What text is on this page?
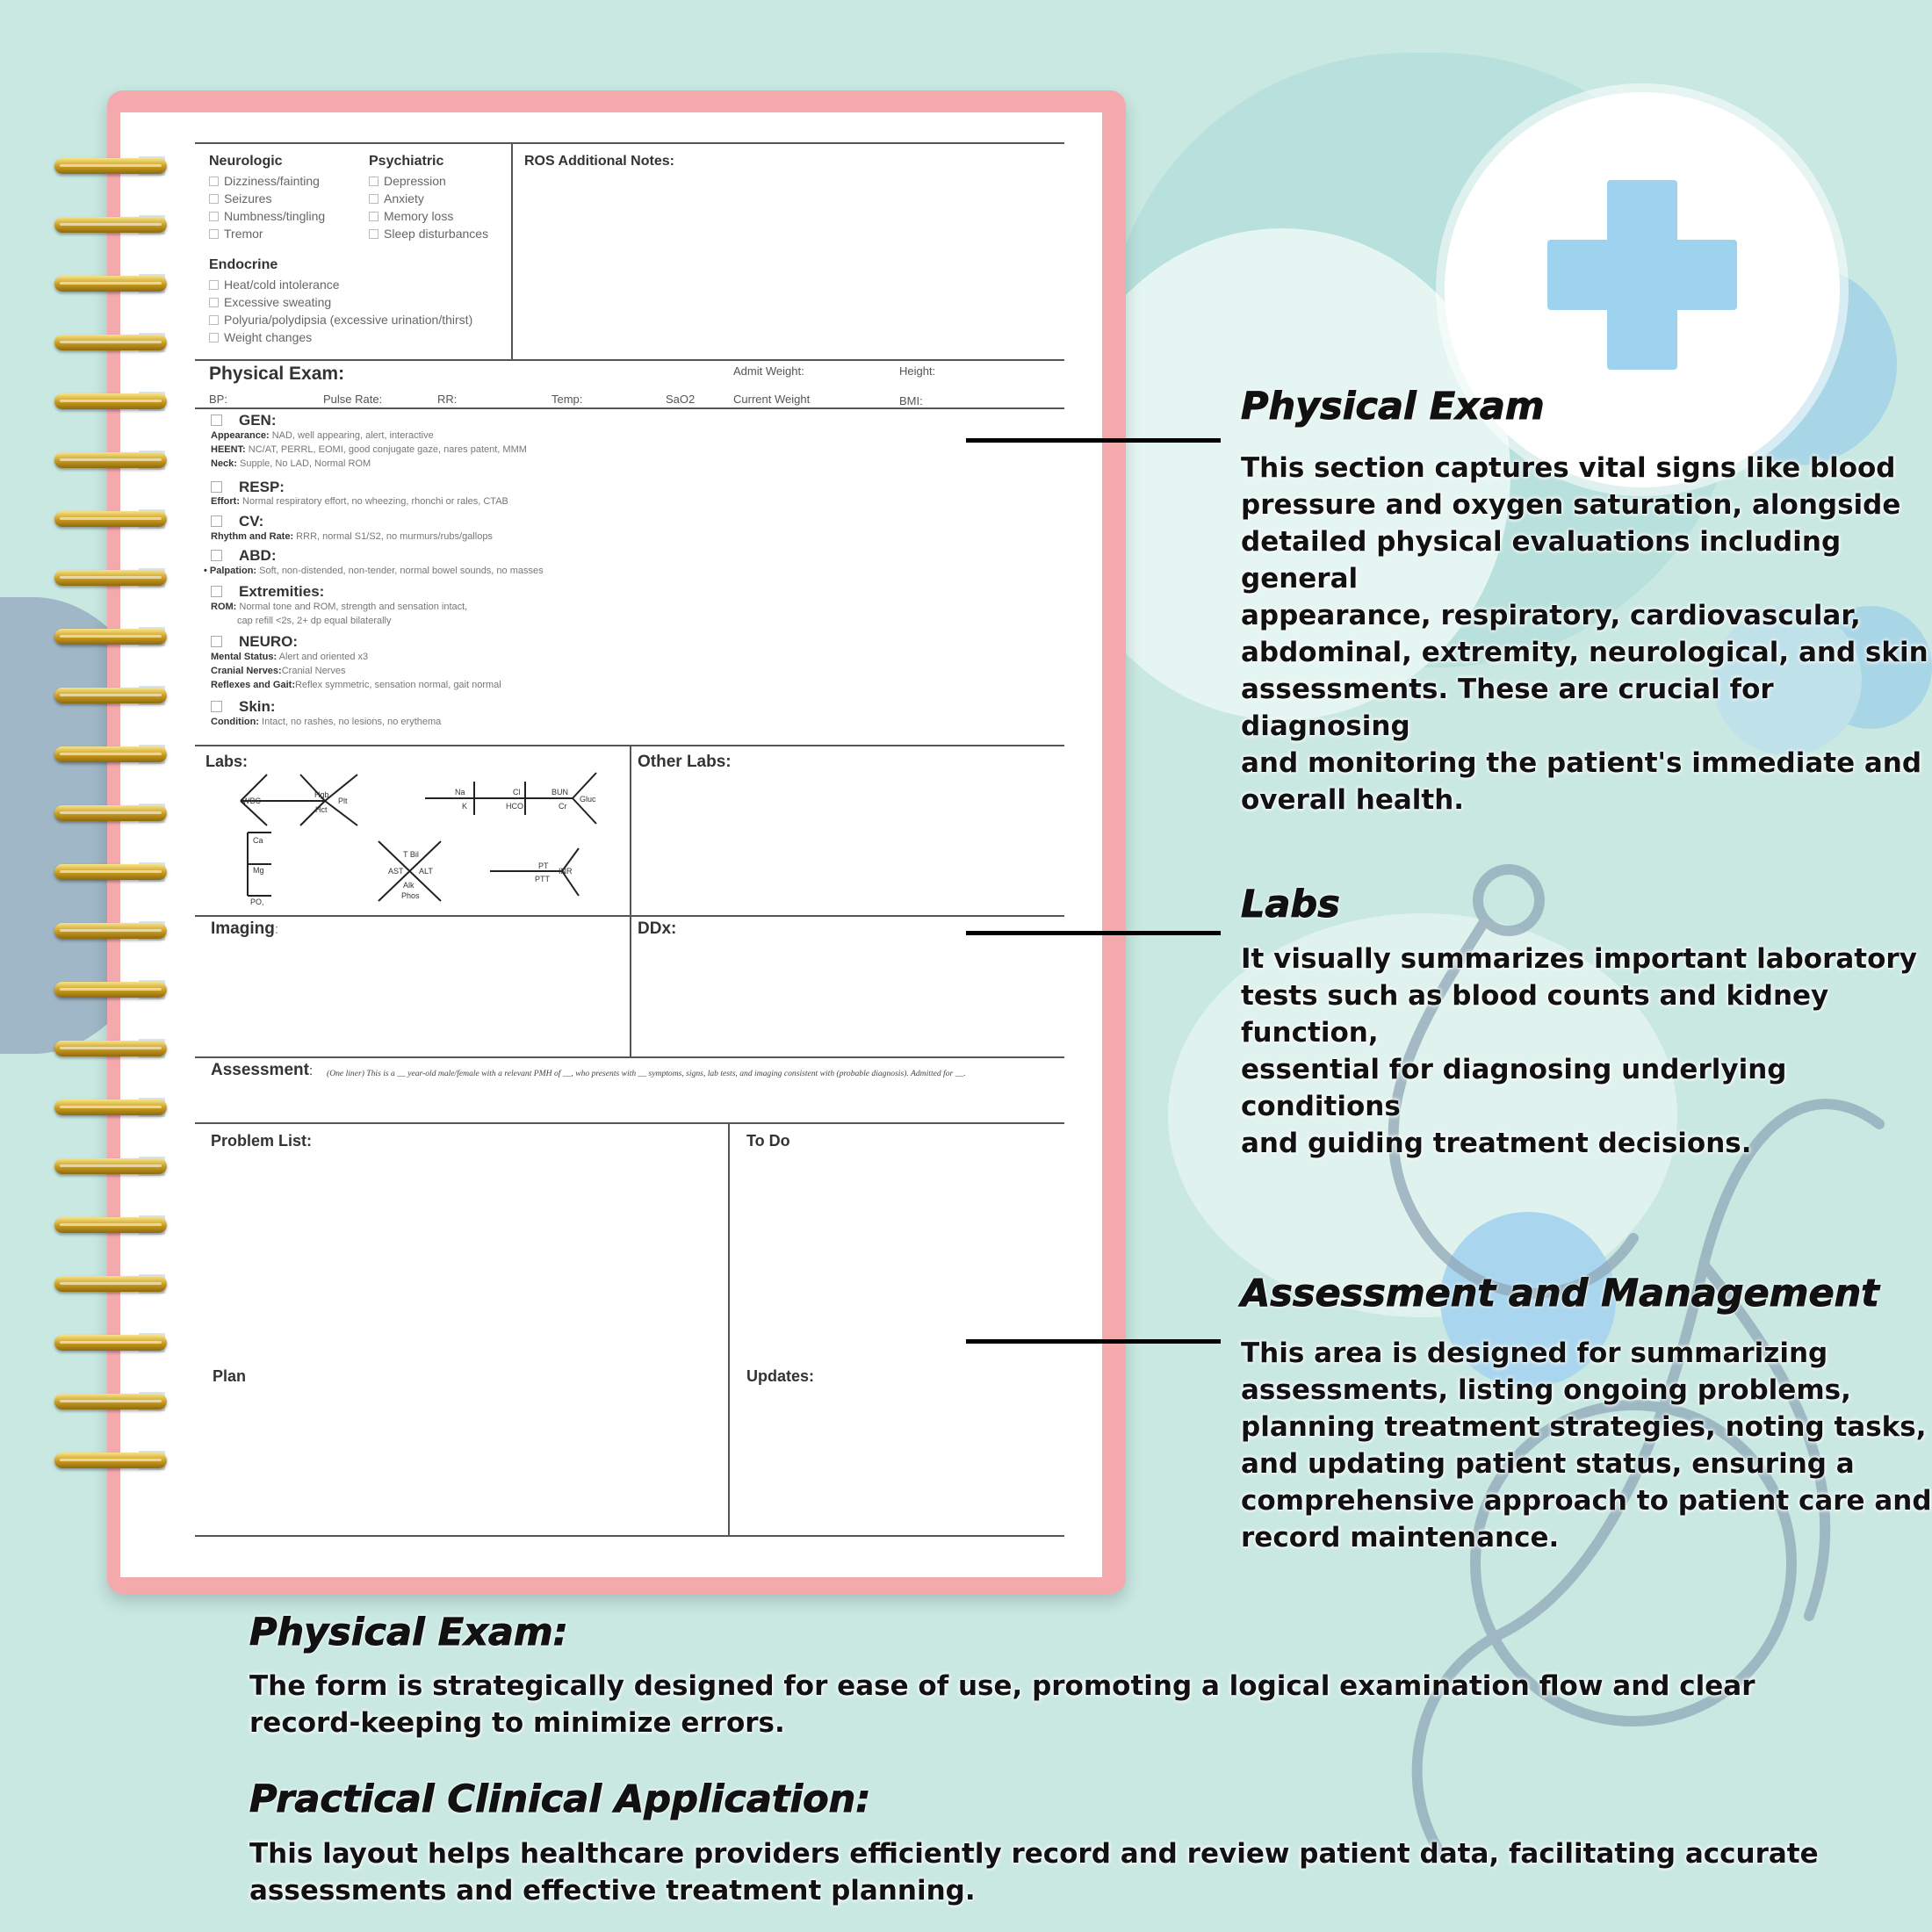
Neurologic
Dizziness/fainting
Seizures
Numbness/tingling
Tremor
Psychiatric
Depression
Anxiety
Memory loss
Sleep disturbances
Endocrine
Heat/cold intolerance
Excessive sweating
Polyuria/polydipsia (excessive urination/thirst)
Weight changes
ROS Additional Notes:
Physical Exam:	Admit Weight:	Height:
BP:	Pulse Rate:	RR:	Temp:	SaO2	Current Weight	BMI:
GEN:
Appearance: NAD, well appearing, alert, interactive
HEENT: NC/AT, PERRL, EOMI, good conjugate gaze, nares patent, MMM
Neck: Supple, No LAD, Normal ROM
RESP:
Effort: Normal respiratory effort, no wheezing, rhonchi or rales, CTAB
CV:
Rhythm and Rate: RRR, normal S1/S2, no murmurs/rubs/gallops
ABD:
• Palpation: Soft, non-distended, non-tender, normal bowel sounds, no masses
Extremities:
ROM: Normal tone and ROM, strength and sensation intact,
cap refill <2s, 2+ dp equal bilaterally
NEURO:
Mental Status: Alert and oriented x3
Cranial Nerves:Cranial Nerves
Reflexes and Gait:Reflex symmetric, sensation normal, gait normal
Skin:
Condition: Intact, no rashes, no lesions, no erythema
Labs:	Other Labs:
WBC
Hgb
Hct
Plt
Na
K
Cl
HCO
BUN
Cr
Gluc
Ca
Mg
PO,
T Bil
AST ALT
Alk
Phos
PT
PTT
INR
Imaging:	DDx:
Assessment: (One liner) This is a __ year-old male/female with a relevant PMH of __, who presents with __ symptoms, signs, lab tests, and imaging consistent with (probable diagnosis). Admitted for __.
Problem List:	To Do
Plan	Updates:
Physical Exam
This section captures vital signs like blood
pressure and oxygen saturation, alongside
detailed physical evaluations including general
appearance, respiratory, cardiovascular,
abdominal, extremity, neurological, and skin
assessments. These are crucial for diagnosing
and monitoring the patient's immediate and
overall health.
Labs
It visually summarizes important laboratory
tests such as blood counts and kidney function,
essential for diagnosing underlying conditions
and guiding treatment decisions.
Assessment and Management
This area is designed for summarizing
assessments, listing ongoing problems,
planning treatment strategies, noting tasks,
and updating patient status, ensuring a
comprehensive approach to patient care and
record maintenance.
Physical Exam:
The form is strategically designed for ease of use, promoting a logical examination flow and clear
record-keeping to minimize errors.
Practical Clinical Application:
This layout helps healthcare providers efficiently record and review patient data, facilitating accurate
assessments and effective treatment planning.
